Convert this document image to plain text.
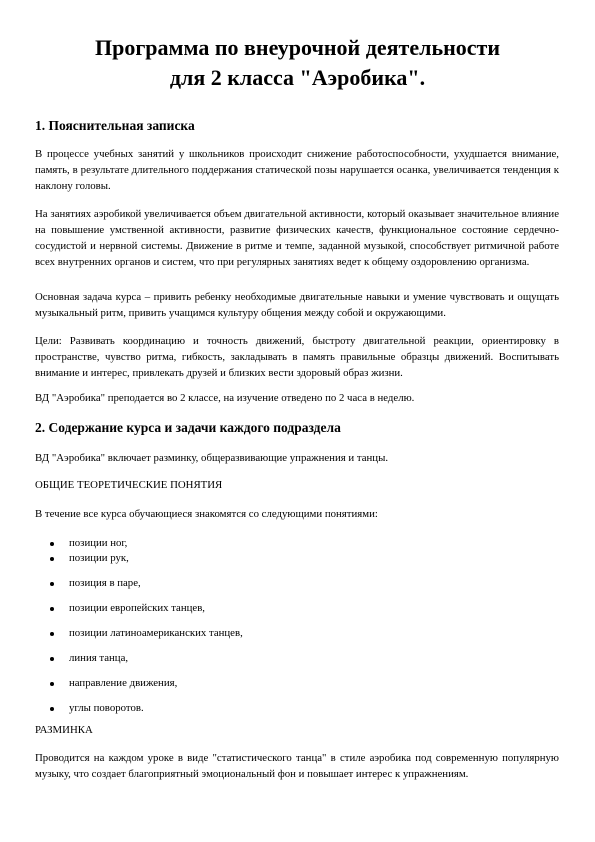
Программа по внеурочной деятельности
для 2 класса "Аэробика".
1. Пояснительная записка

В процессе учебных занятий у школьников происходит снижение работоспособности, ухудшается внимание, память, в результате длительного поддержания статической позы нарушается осанка, увеличивается тенденция к наклону головы.

На занятиях аэробикой увеличивается объем двигательной активности, который оказывает значительное влияние на повышение умственной активности, развитие физических качеств, функциональное состояние сердечно-сосудистой и нервной системы. Движение в ритме и темпе, заданной музыкой, способствует ритмичной работе всех внутренних органов и систем, что при регулярных занятиях ведет к общему оздоровлению организма.

Основная задача курса – привить ребенку необходимые двигательные навыки и умение чувствовать и ощущать музыкальный ритм, привить учащимся культуру общения между собой и окружающими.

Цели: Развивать координацию и точность движений, быстроту двигательной реакции, ориентировку в пространстве, чувство ритма, гибкость, закладывать в память правильные образцы движений. Воспитывать внимание и интерес, привлекать друзей и близких вести здоровый образ жизни.

ВД "Аэробика" преподается во 2 классе, на изучение отведено по 2 часа в неделю.

2. Содержание курса и задачи каждого подраздела

ВД "Аэробика" включает разминку, общеразвивающие упражнения и танцы.

ОБЩИЕ ТЕОРЕТИЧЕСКИЕ ПОНЯТИЯ

В течение все курса обучающиеся знакомятся со следующими понятиями:

позиции ног,
позиции рук,
позиция в паре,
позиции европейских танцев,
позиции латиноамериканских танцев,
линия танца,
направление движения,
углы поворотов.

РАЗМИНКА

Проводится на каждом уроке в виде "статистического танца" в стиле аэробика под современную популярную музыку, что создает благоприятный эмоциональный фон и повышает интерес к упражнениям.
